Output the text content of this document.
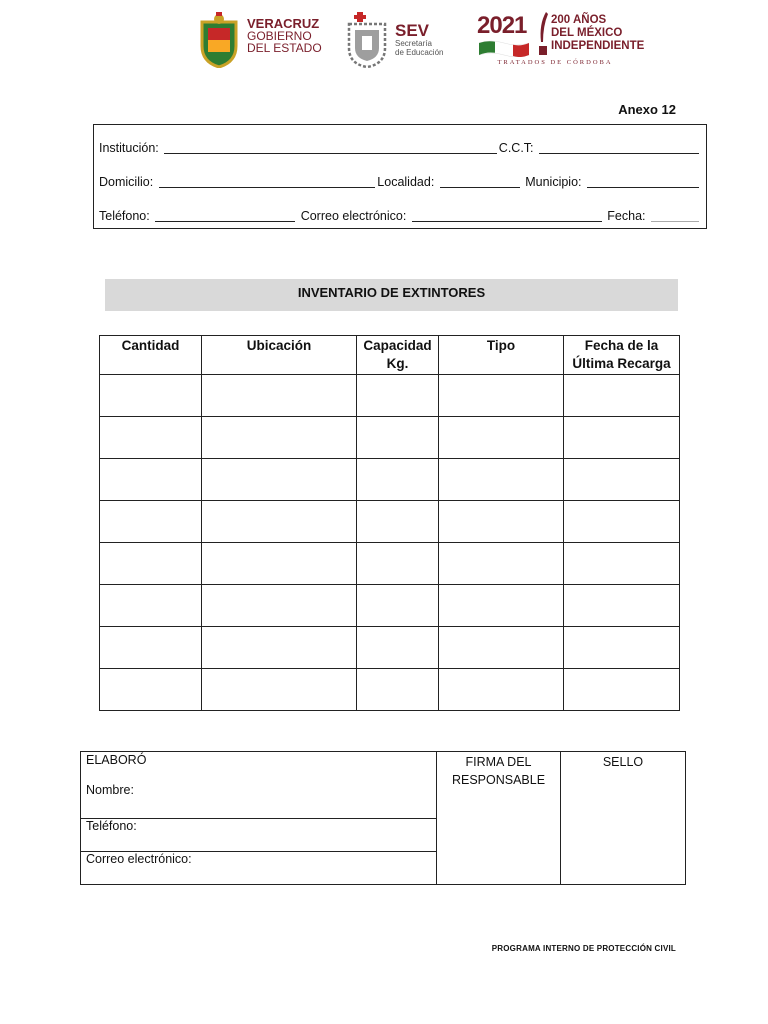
VERACRUZ
GOBIERNO
DEL ESTADO
SEV
Secretaría
de Educación
2021 200 AÑOS
DEL MÉXICO
INDEPENDIENTE
TRATADOS DE CÓRDOBA
Anexo 12
Institución:	C.C.T:
Domicilio:	Localidad:	Municipio:
Teléfono:	Correo electrónico:	Fecha:
INVENTARIO DE EXTINTORES
Cantidad	Ubicación	Capacidad Kg.	Tipo	Fecha de la Última Recarga

ELABORÓ
Nombre:

FIRMA DEL RESPONSABLE

SELLO

Teléfono:

Correo electrónico:
PROGRAMA INTERNO DE PROTECCIÓN CIVIL
